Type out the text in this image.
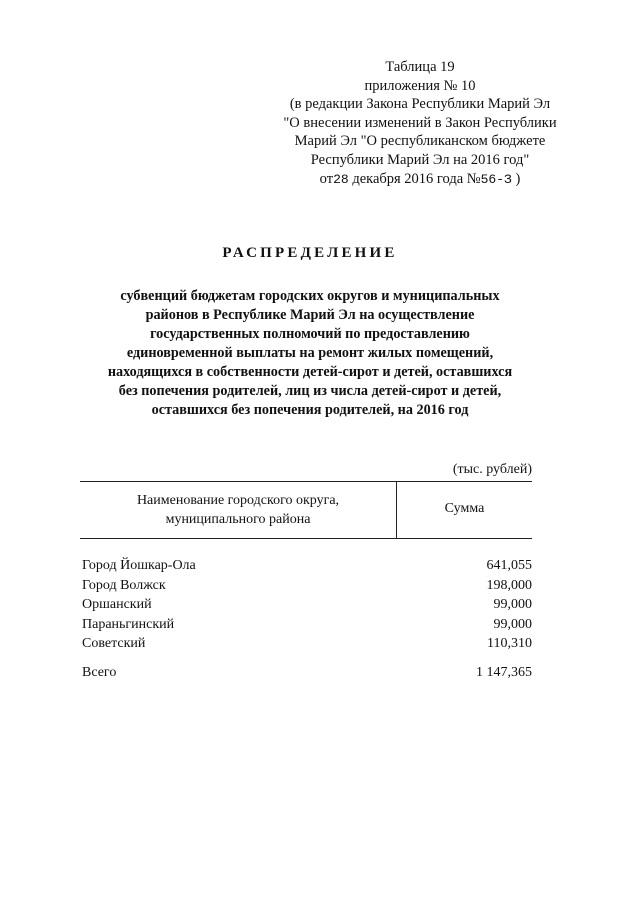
Таблица 19
приложения № 10
(в редакции Закона Республики Марий Эл
"О внесении изменений в Закон Республики
Марий Эл "О республиканском бюджете
Республики Марий Эл на 2016 год"
от28 декабря 2016 года №56-З )
РАСПРЕДЕЛЕНИЕ
субвенций бюджетам городских округов и муниципальных
районов в Республике Марий Эл на осуществление
государственных полномочий по предоставлению
единовременной выплаты на ремонт жилых помещений,
находящихся в собственности детей-сирот и детей, оставшихся
без попечения родителей, лиц из числа детей-сирот и детей,
оставшихся без попечения родителей, на 2016 год
(тыс. рублей)
Наименование городского округа,
муниципального района
Сумма
Город Йошкар-Ола	641,055
Город Волжск	198,000
Оршанский	99,000
Параньгинский	99,000
Советский	110,310
Всего	1 147,365
